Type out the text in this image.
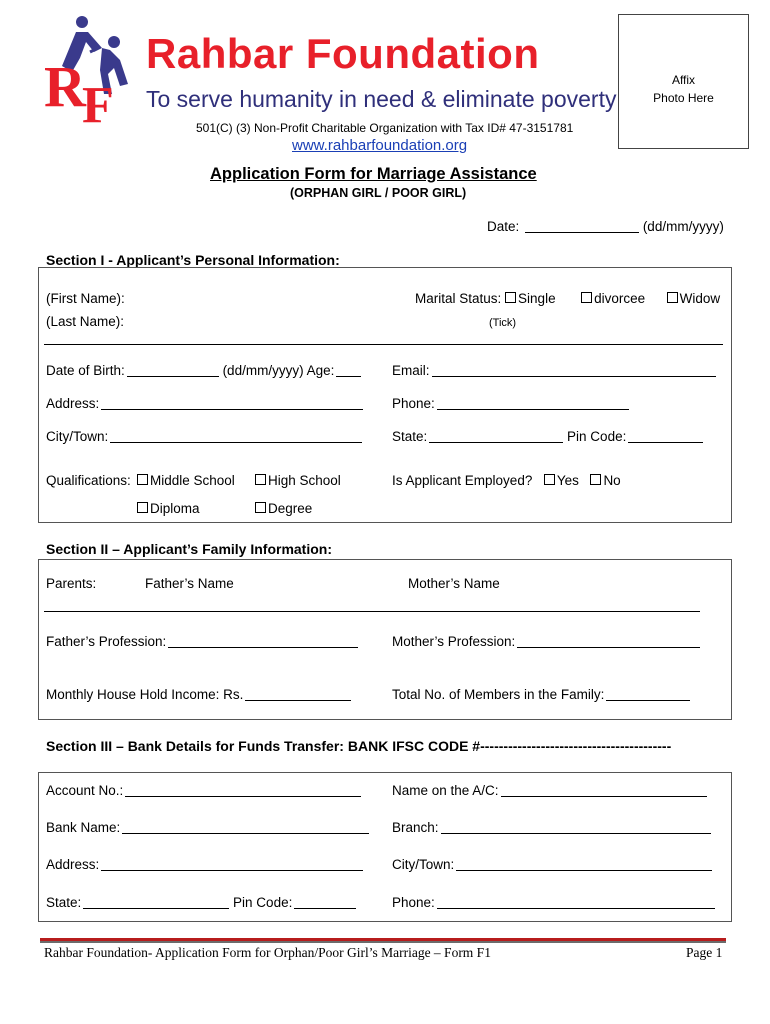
R
F
Rahbar Foundation
To serve humanity in need & eliminate poverty
501(C) (3) Non-Profit Charitable Organization with Tax ID# 47-3151781
www.rahbarfoundation.org
Affix
Photo Here
Application Form for Marriage Assistance
(ORPHAN GIRL / POOR GIRL)
Date:	(dd/mm/yyyy)
Section I - Applicant’s Personal Information:
(First Name):
(Last Name):
Marital Status: Single	divorcee	Widow
(Tick)
Date of Birth:	(dd/mm/yyyy) Age:	Email:
Address:	Phone:
City/Town:	State:	Pin Code:
Qualifications:	Middle School	High School
Diploma	Degree
Is Applicant Employed? Yes No
Section II – Applicant’s Family Information:
Parents:	Father’s Name	Mother’s Name
Father’s Profession:	Mother’s Profession:
Monthly House Hold Income: Rs.	Total No. of Members in the Family:
Section III – Bank Details for Funds Transfer: BANK IFSC CODE #-----------------------------------------
Account No.:	Name on the A/C:
Bank Name:	Branch:
Address:	City/Town:
State:	Pin Code:	Phone:
Rahbar Foundation- Application Form for Orphan/Poor Girl’s Marriage – Form F1	Page 1
